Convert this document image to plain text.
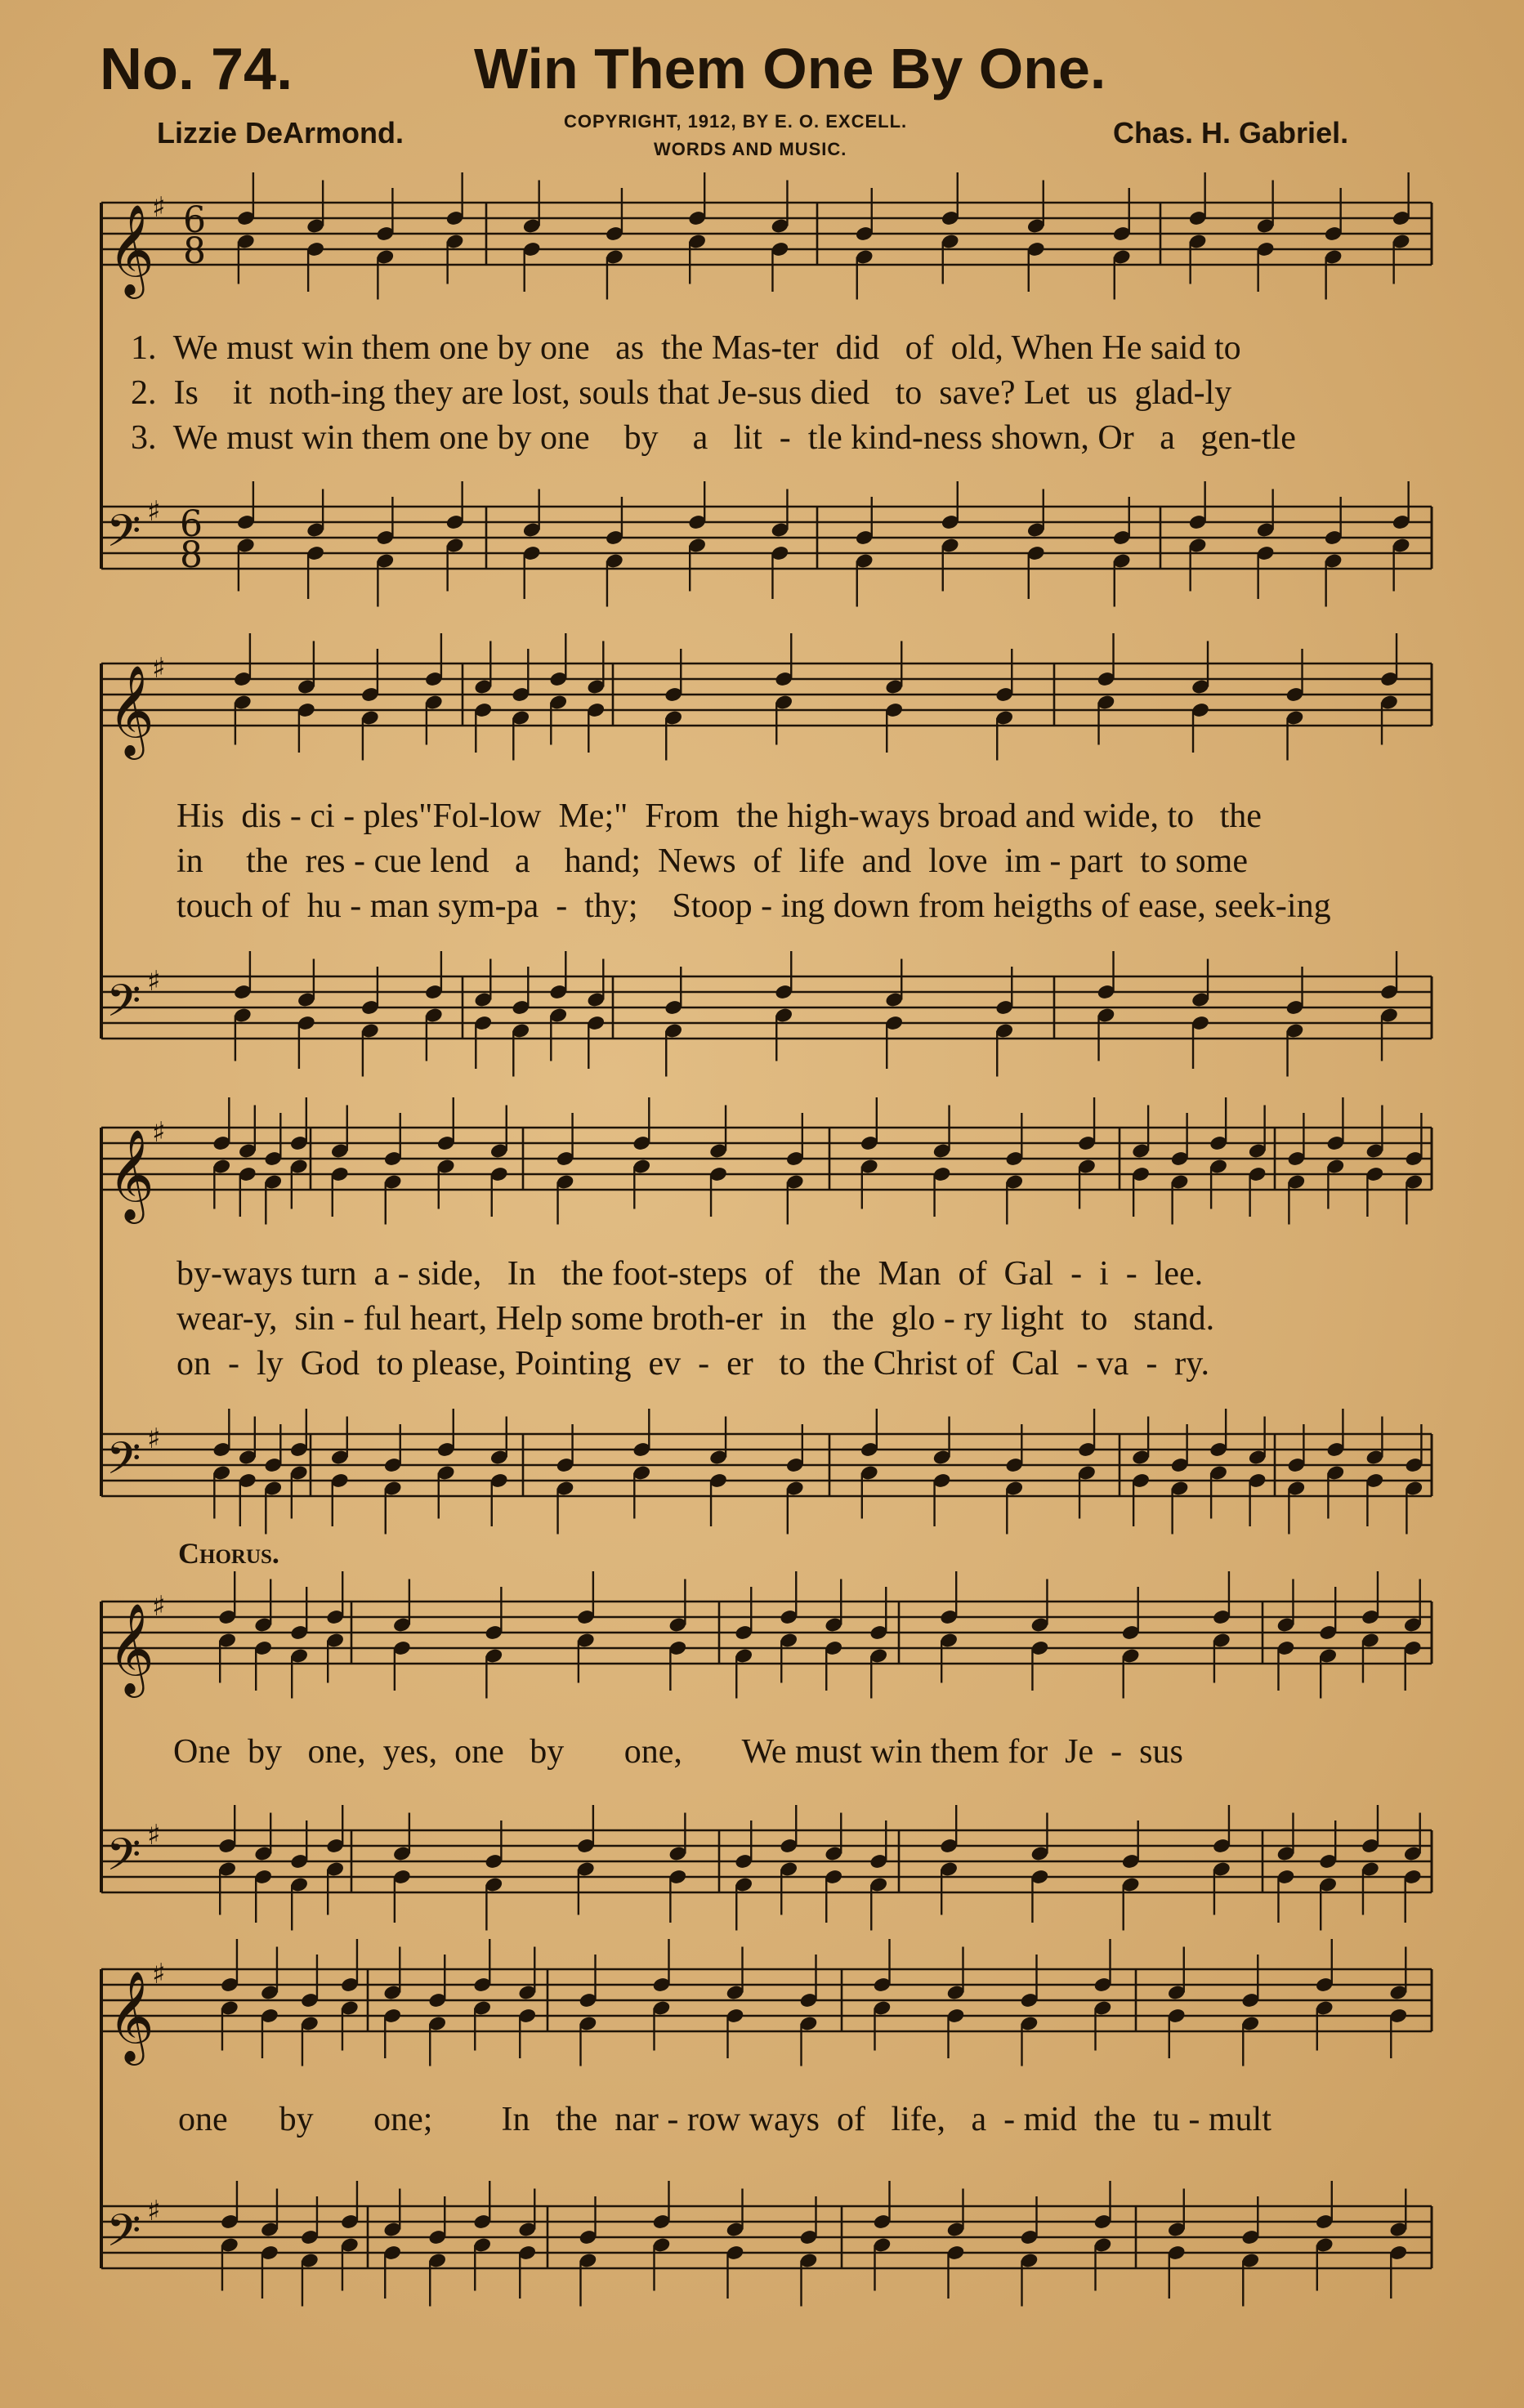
No. 74.	Win Them One By One.
Lizzie DeArmond.	COPYRIGHT, 1912, BY E. O. EXCELL.
WORDS AND MUSIC.	Chas. H. Gabriel.
𝄞
♯
𝄢 ♯
6
8
6
8
𝄞
♯
𝄢 ♯
𝄞
♯
𝄢 ♯
𝄞
♯
𝄢 ♯
𝄞
♯
𝄢 ♯
Chorus.
1.  We must win them one by one   as  the Mas-ter  did   of  old, When He said to
2.  Is    it  noth-ing they are lost, souls that Je-sus died   to  save? Let  us  glad-ly
3.  We must win them one by one    by    a   lit  -  tle kind-ness shown, Or   a   gen-tle
His  dis - ci - ples"Fol-low  Me;"  From  the high-ways broad and wide, to   the
in     the  res - cue lend   a    hand;  News  of  life  and  love  im - part  to some
touch of  hu - man sym-pa  -  thy;    Stoop - ing down from heigths of ease, seek-ing
by-ways turn  a - side,   In   the foot-steps  of   the  Man  of  Gal  -  i  -  lee.
wear-y,  sin - ful heart, Help some broth-er  in   the  glo - ry light  to   stand.
on  -  ly  God  to please, Pointing  ev  -  er   to  the Christ of  Cal  - va  -  ry.
One  by   one,  yes,  one   by       one,       We must win them for  Je  -  sus
one      by       one;        In   the  nar - row ways  of   life,   a  - mid  the  tu - mult
